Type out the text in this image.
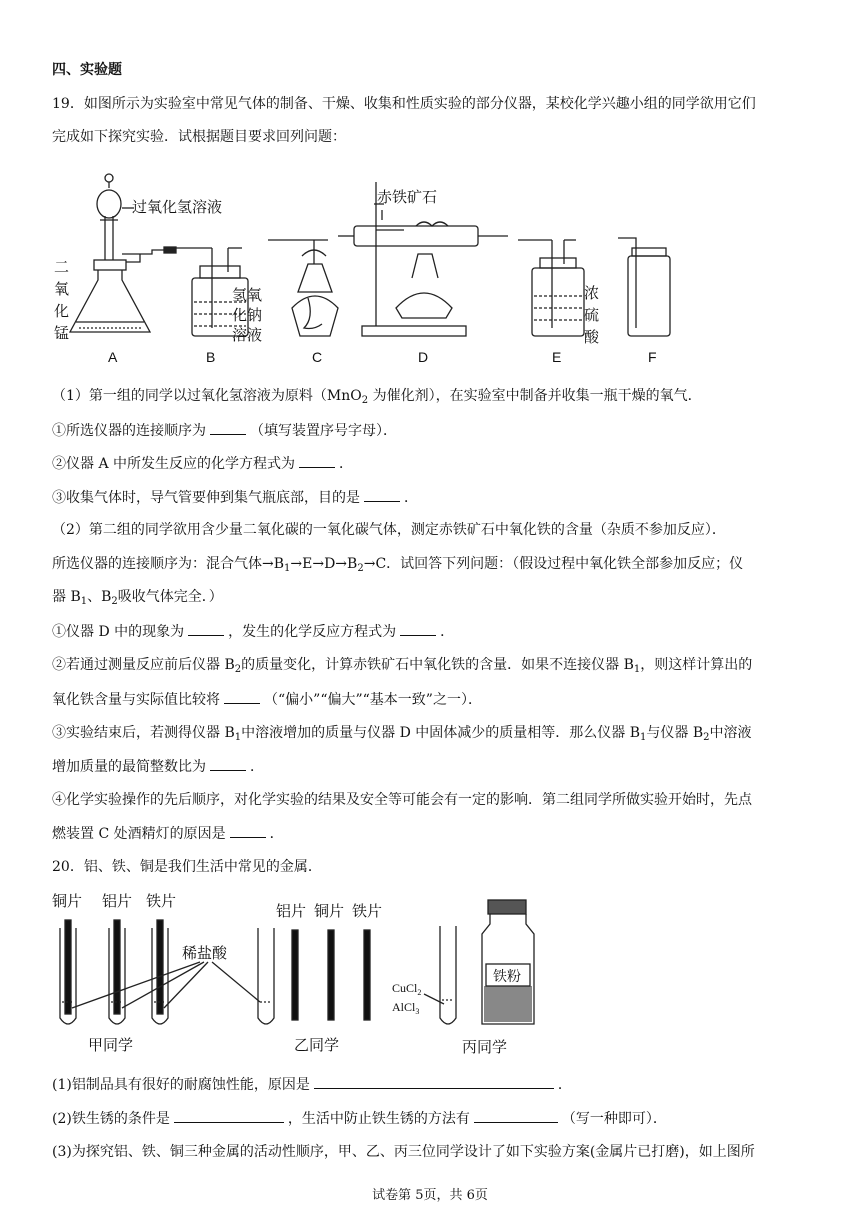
四、实验题
19．如图所示为实验室中常见气体的制备、干燥、收集和性质实验的部分仪器，某校化学兴趣小组的同学欲用它们
完成如下探究实验．试根据题目要求回列问题：
过氧化氢溶液
赤铁矿石
二
氧
化
锰
氢氧
化钠
溶液
浓
硫
酸
A	B	C	D	E	F
（1）第一组的同学以过氧化氢溶液为原料（MnO$_2$ 为催化剂），在实验室中制备并收集一瓶干燥的氧气．
①所选仪器的连接顺序为	（填写装置序号字母）．
②仪器 A 中所发生反应的化学方程式为	．
③收集气体时，导气管要伸到集气瓶底部，目的是	．
（2）第二组的同学欲用含少量二氧化碳的一氧化碳气体，测定赤铁矿石中氧化铁的含量（杂质不参加反应）．
所选仪器的连接顺序为：混合气体$\to B_1\to E\to D\to B_2\to C$．试回答下列问题：（假设过程中氧化铁全部参加反应；仪
器 $B_1$、$B_2$吸收气体完全．）
①仪器 D 中的现象为	，发生的化学反应方程式为	．
②若通过测量反应前后仪器 $B_2$的质量变化，计算赤铁矿石中氧化铁的含量．如果不连接仪器 $B_1$，则这样计算出的
氧化铁含量与实际值比较将	（“偏小”“偏大”“基本一致”之一）．
③实验结束后，若测得仪器 $B_1$中溶液增加的质量与仪器 D 中固体减少的质量相等．那么仪器 $B_1$与仪器 $B_2$中溶液
增加质量的最简整数比为	．
④化学实验操作的先后顺序，对化学实验的结果及安全等可能会有一定的影响．第二组同学所做实验开始时，先点
燃装置 C 处酒精灯的原因是	．
20．铝、铁、铜是我们生活中常见的金属．
铜片 铝片 铁片
稀盐酸
铝片 铜片 铁片
甲同学	乙同学	丙同学
CuCl$_2$
AlCl$_3$
铁粉
(1)铝制品具有很好的耐腐蚀性能，原因是	．
(2)铁生锈的条件是	，生活中防止铁生锈的方法有	（写一种即可）．
(3)为探究铝、铁、铜三种金属的活动性顺序，甲、乙、丙三位同学设计了如下实验方案(金属片已打磨)，如上图所
试卷第 5页，共 6页
